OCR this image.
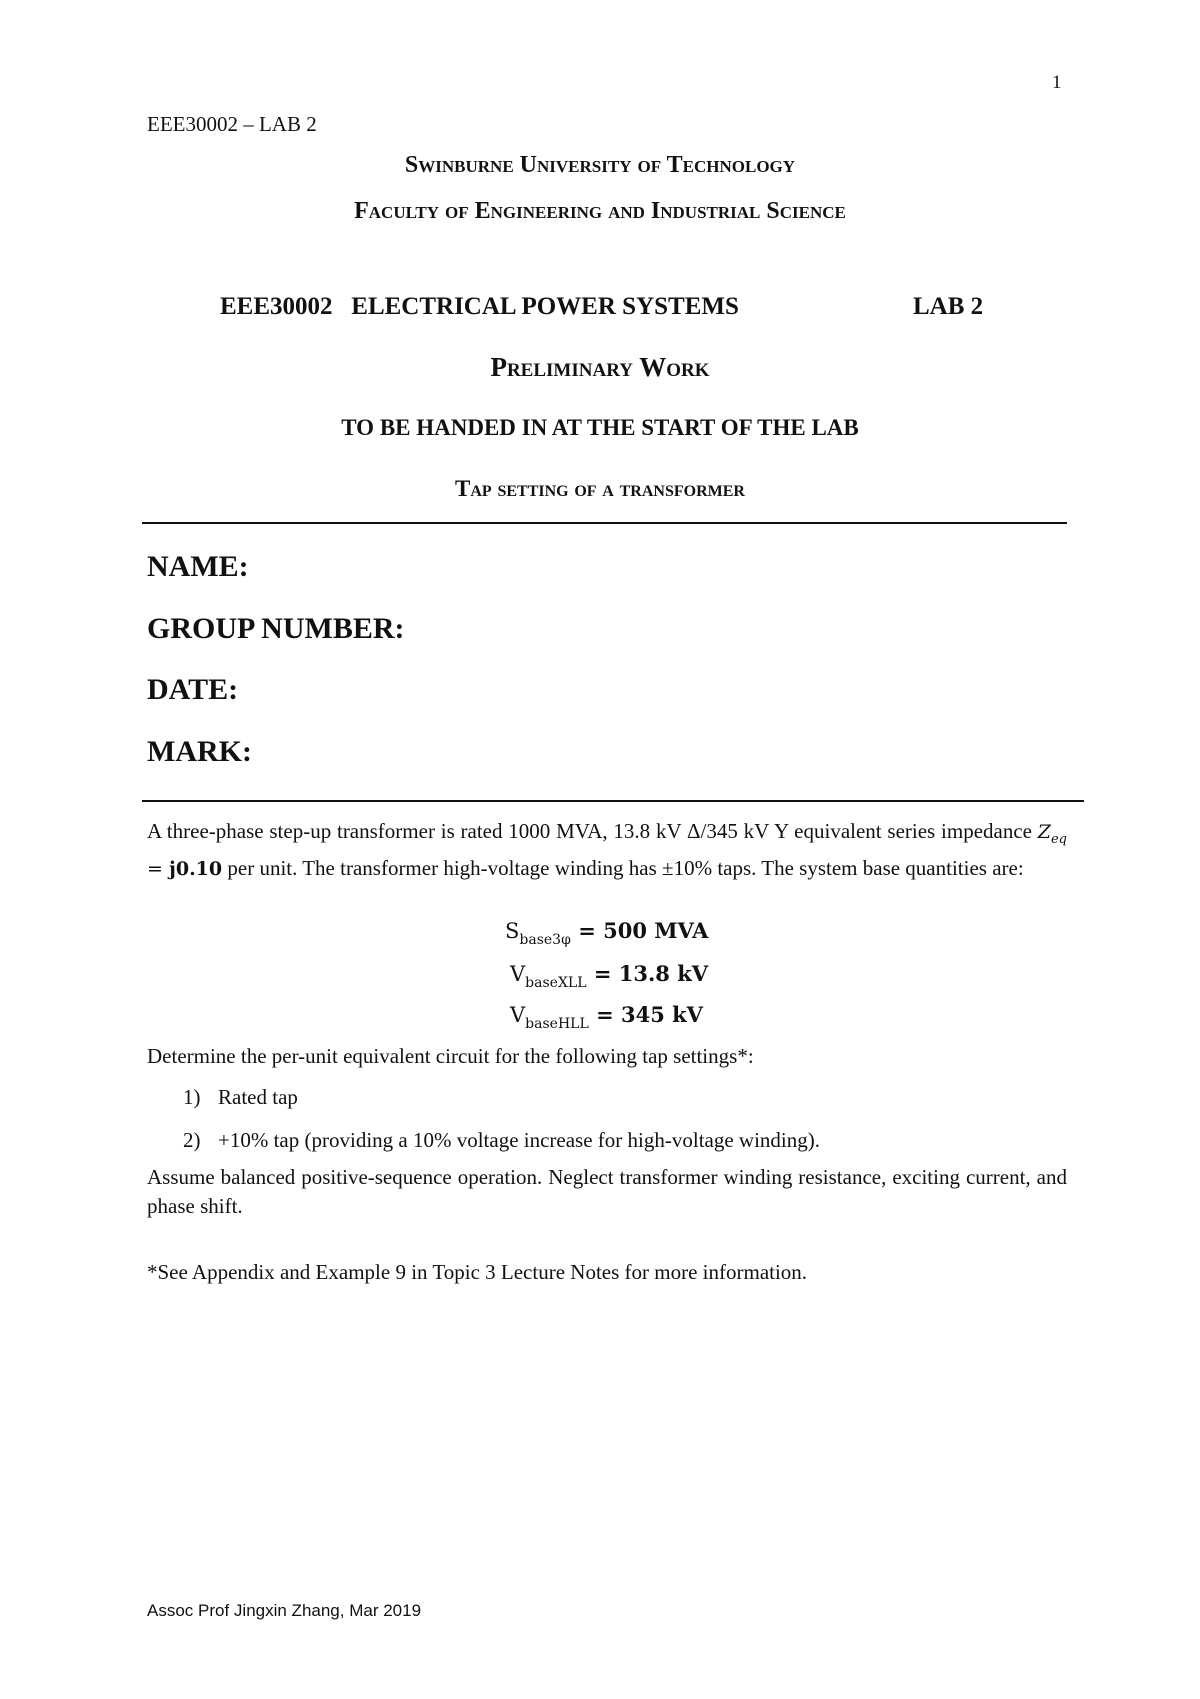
1
EEE30002 – LAB 2
Swinburne University of Technology
Faculty of Engineering and Industrial Science
EEE30002   ELECTRICAL POWER SYSTEMS	LAB 2
Preliminary Work
TO BE HANDED IN AT THE START OF THE LAB
Tap setting of a transformer
NAME:
GROUP NUMBER:
DATE:
MARK:
A three-phase step-up transformer is rated 1000 MVA, 13.8 kV Δ/345 kV Y equivalent series impedance $Z_{eq} = j0.10$ per unit. The transformer high-voltage winding has ±10% taps. The system base quantities are:
$S_{base3\varphi} = 500$ MVA
$V_{baseXLL} = 13.8$ kV
$V_{baseHLL} = 345$ kV
Determine the per-unit equivalent circuit for the following tap settings*:
1) Rated tap
2) +10% tap (providing a 10% voltage increase for high-voltage winding).
Assume balanced positive-sequence operation. Neglect transformer winding resistance, exciting current, and phase shift.
*See Appendix and Example 9 in Topic 3 Lecture Notes for more information.
Assoc Prof Jingxin Zhang, Mar 2019
